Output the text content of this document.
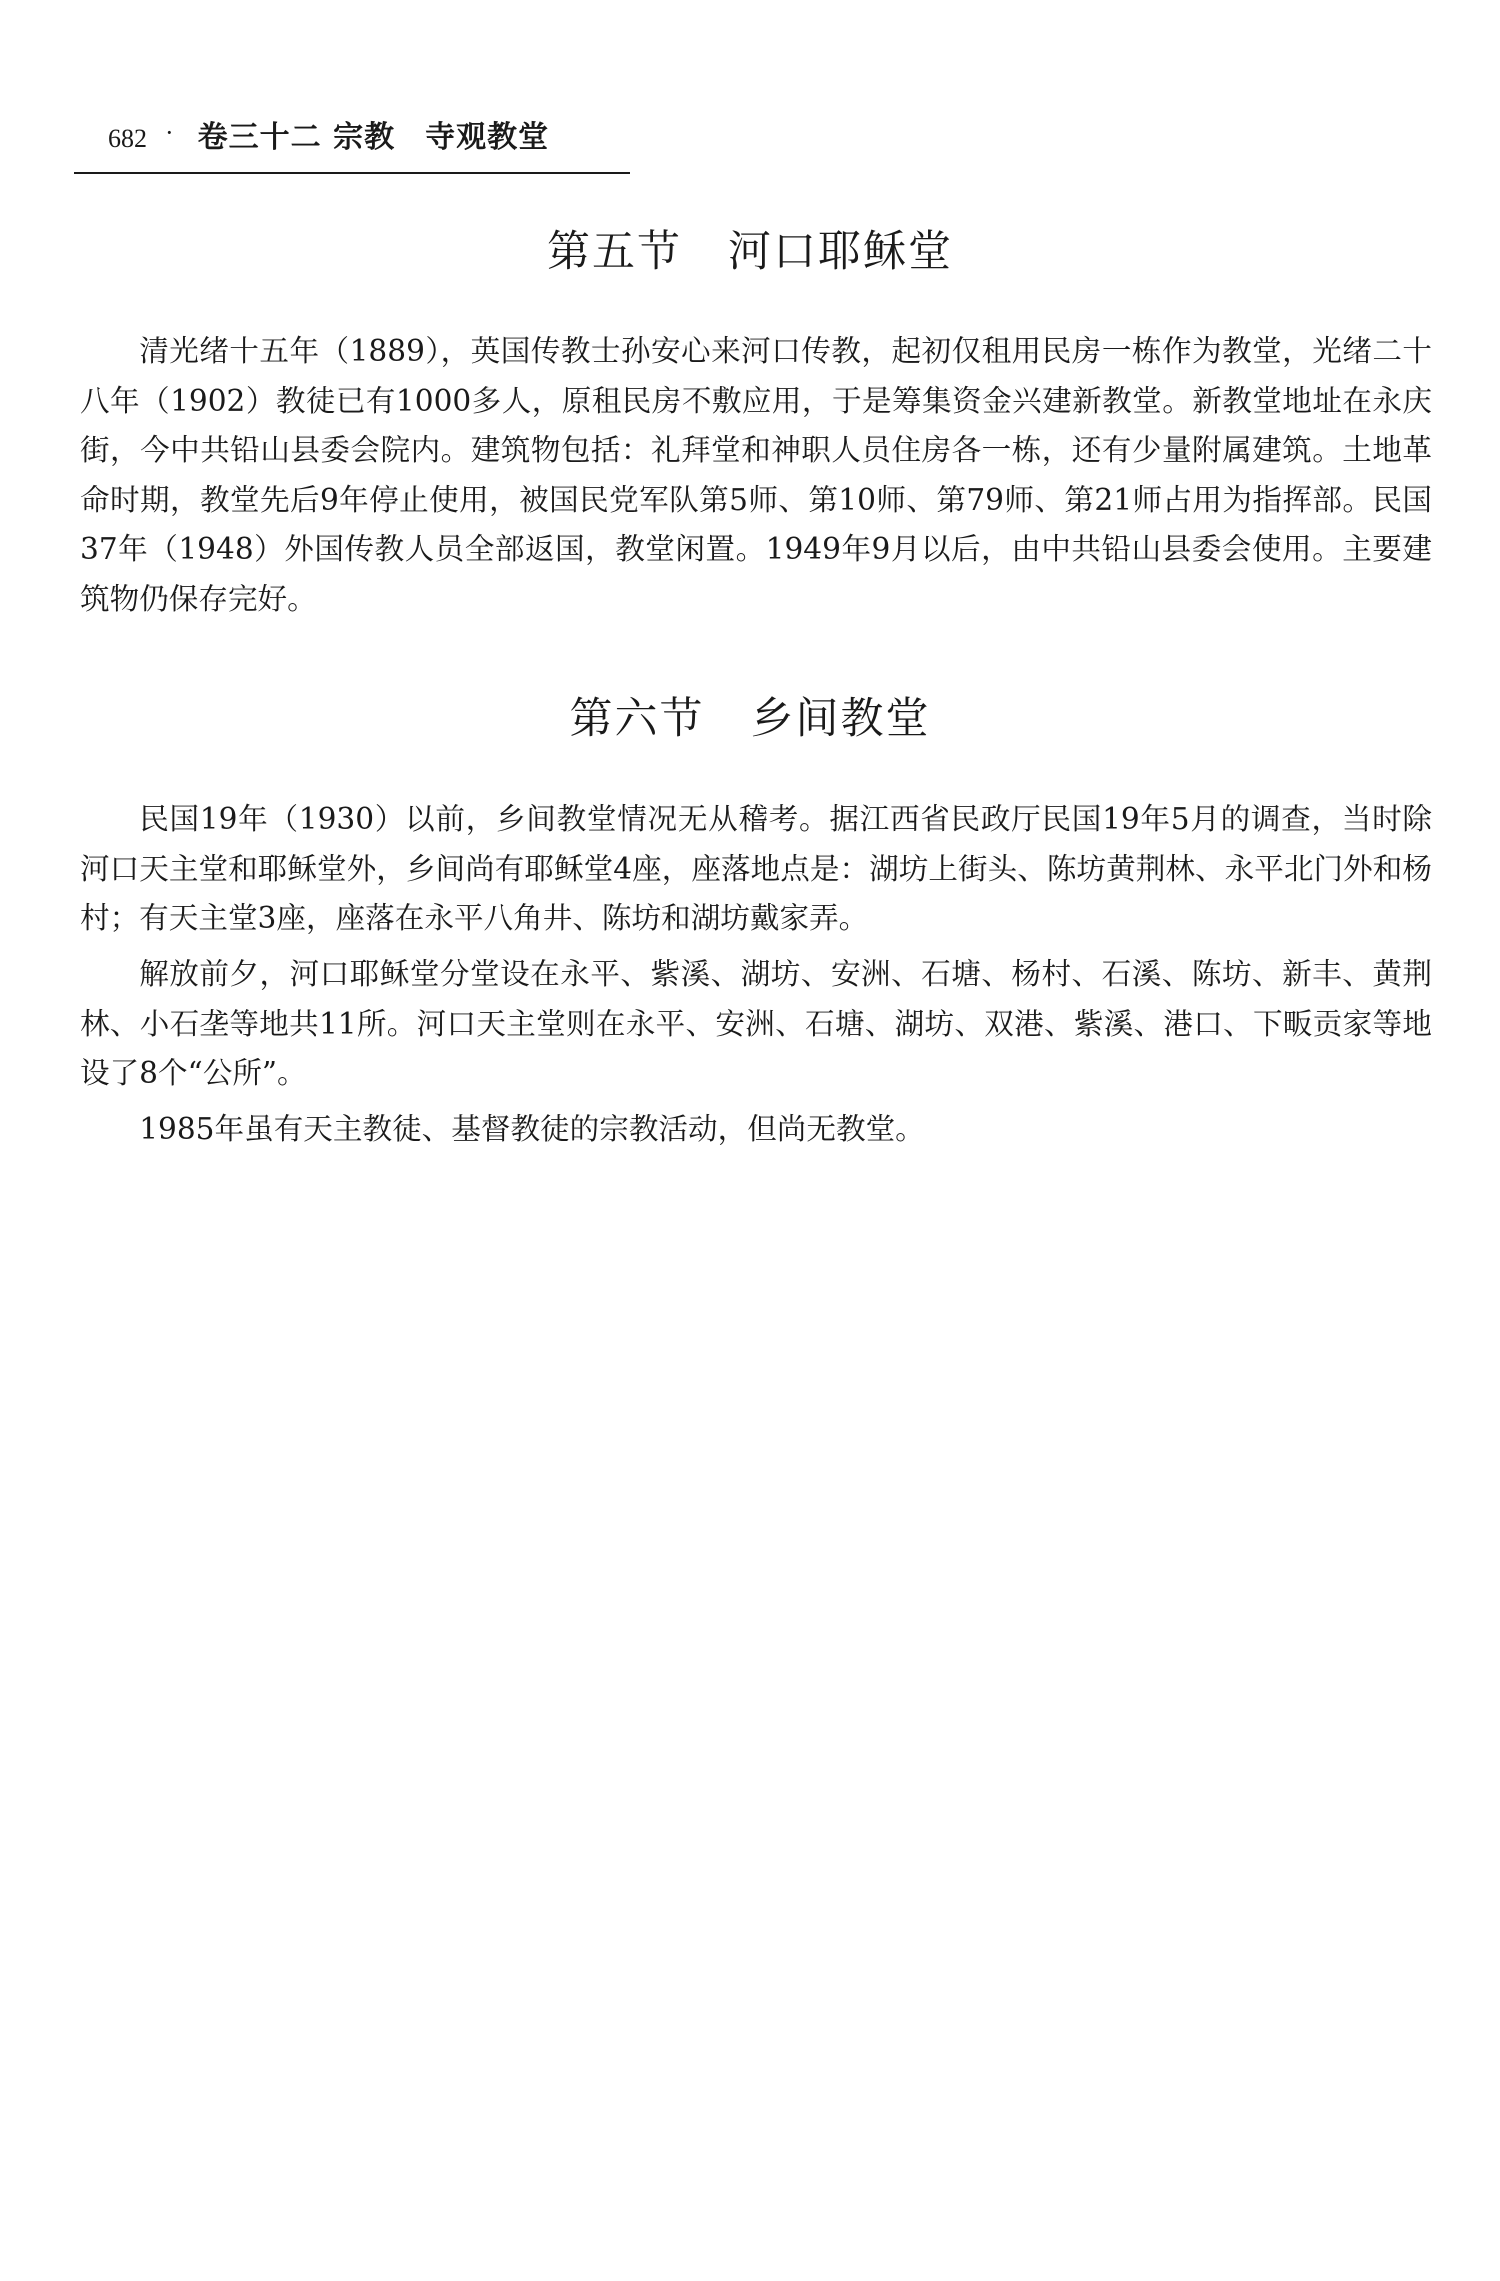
682 · 卷三十二 宗教 寺观教堂
第五节 河口耶稣堂

清光绪十五年（1889），英国传教士孙安心来河口传教，起初仅租用民房一栋作为教堂，光绪二十八年（1902）教徒已有1000多人，原租民房不敷应用，于是筹集资金兴建新教堂。新教堂地址在永庆街，今中共铅山县委会院内。建筑物包括：礼拜堂和神职人员住房各一栋，还有少量附属建筑。土地革命时期，教堂先后9年停止使用，被国民党军队第5师、第10师、第79师、第21师占用为指挥部。民国37年（1948）外国传教人员全部返国，教堂闲置。1949年9月以后，由中共铅山县委会使用。主要建筑物仍保存完好。

第六节 乡间教堂

民国19年（1930）以前，乡间教堂情况无从稽考。据江西省民政厅民国19年5月的调查，当时除河口天主堂和耶稣堂外，乡间尚有耶稣堂4座，座落地点是：湖坊上街头、陈坊黄荆林、永平北门外和杨村；有天主堂3座，座落在永平八角井、陈坊和湖坊戴家弄。

解放前夕，河口耶稣堂分堂设在永平、紫溪、湖坊、安洲、石塘、杨村、石溪、陈坊、新丰、黄荆林、小石垄等地共11所。河口天主堂则在永平、安洲、石塘、湖坊、双港、紫溪、港口、下畈贡家等地设了8个“公所”。

1985年虽有天主教徒、基督教徒的宗教活动，但尚无教堂。
